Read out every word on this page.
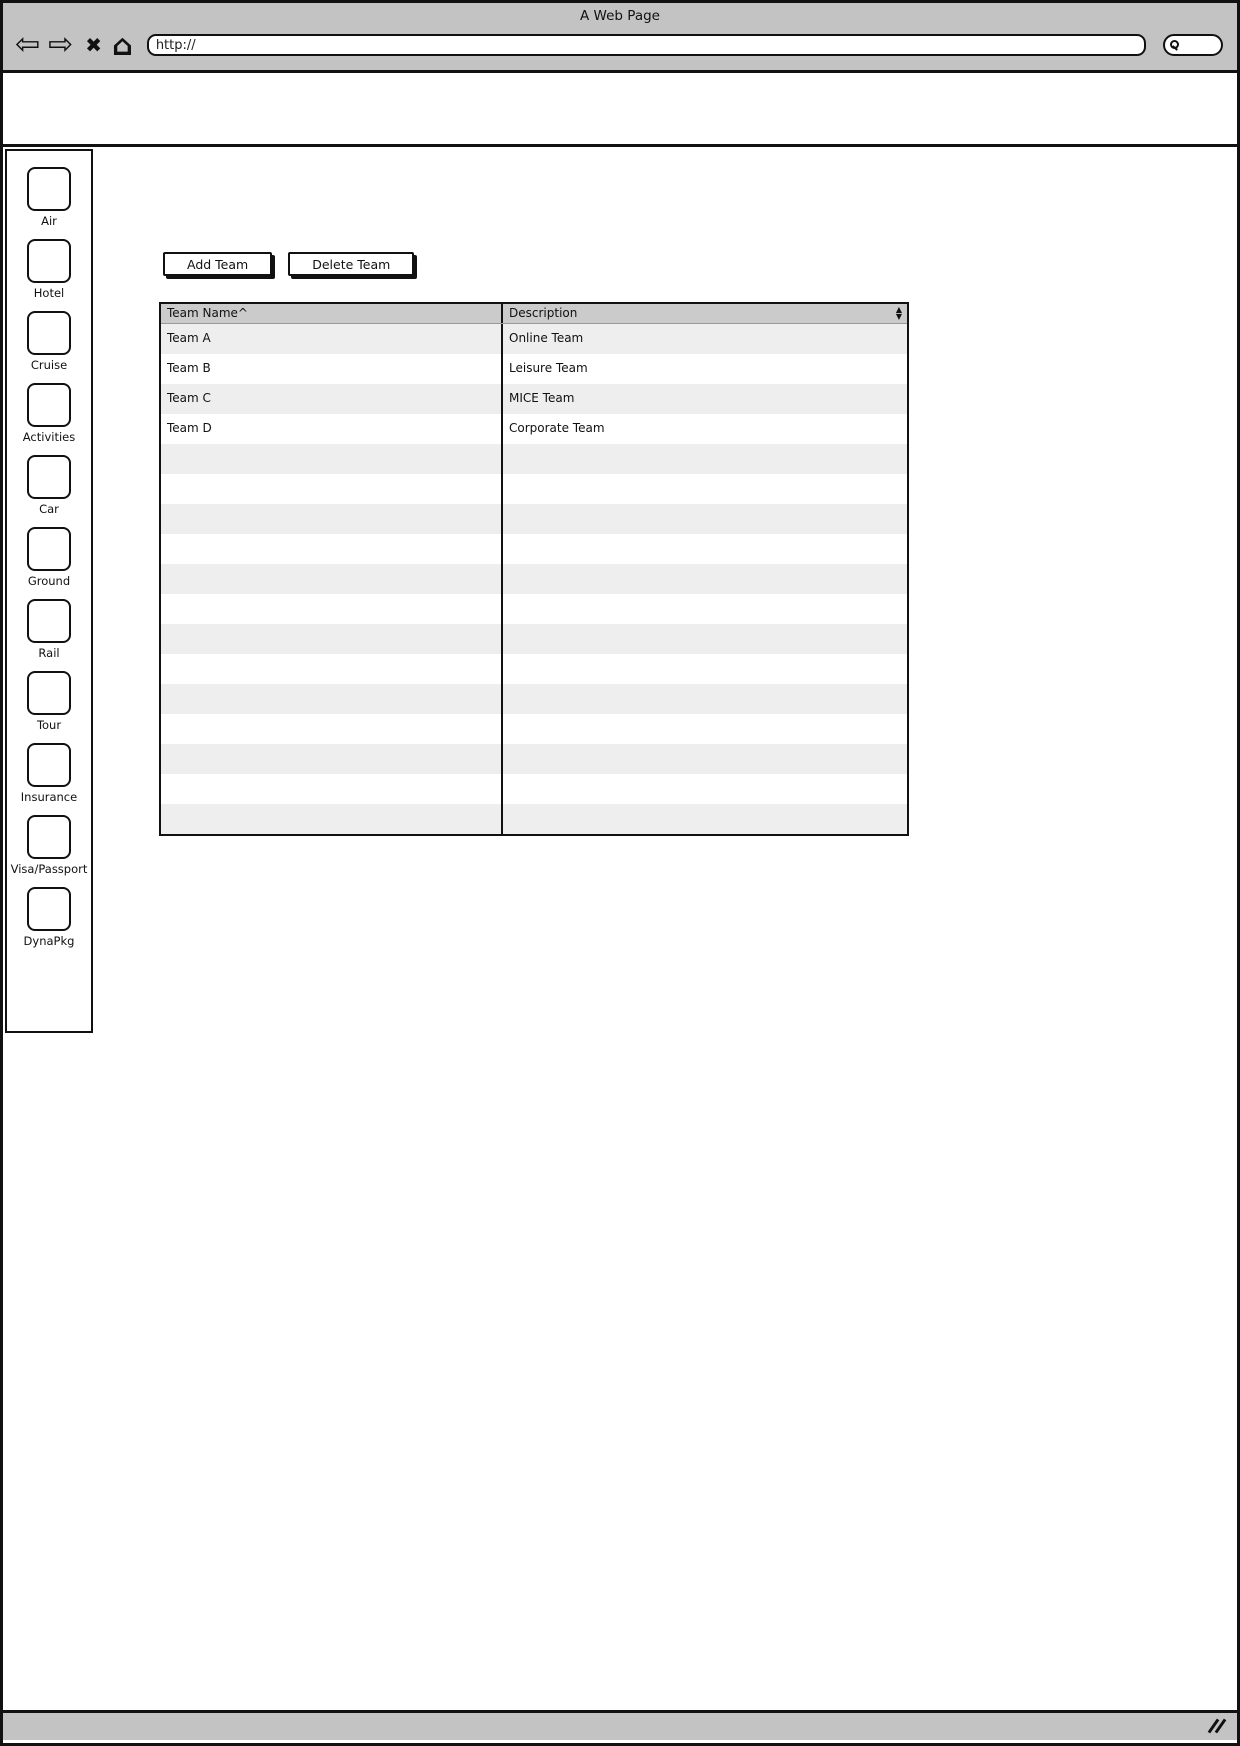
A Web Page
⇦ ⇨ ✖ ⌂
http://
Air
Hotel
Cruise
Activities
Car
Ground
Rail
Tour
Insurance
Visa/Passport
DynaPkg
Add Team	Delete Team
Team Name^	Description	▲
▼
Team A	Online Team
Team B	Leisure Team
Team C	MICE Team
Team D	Corporate Team
